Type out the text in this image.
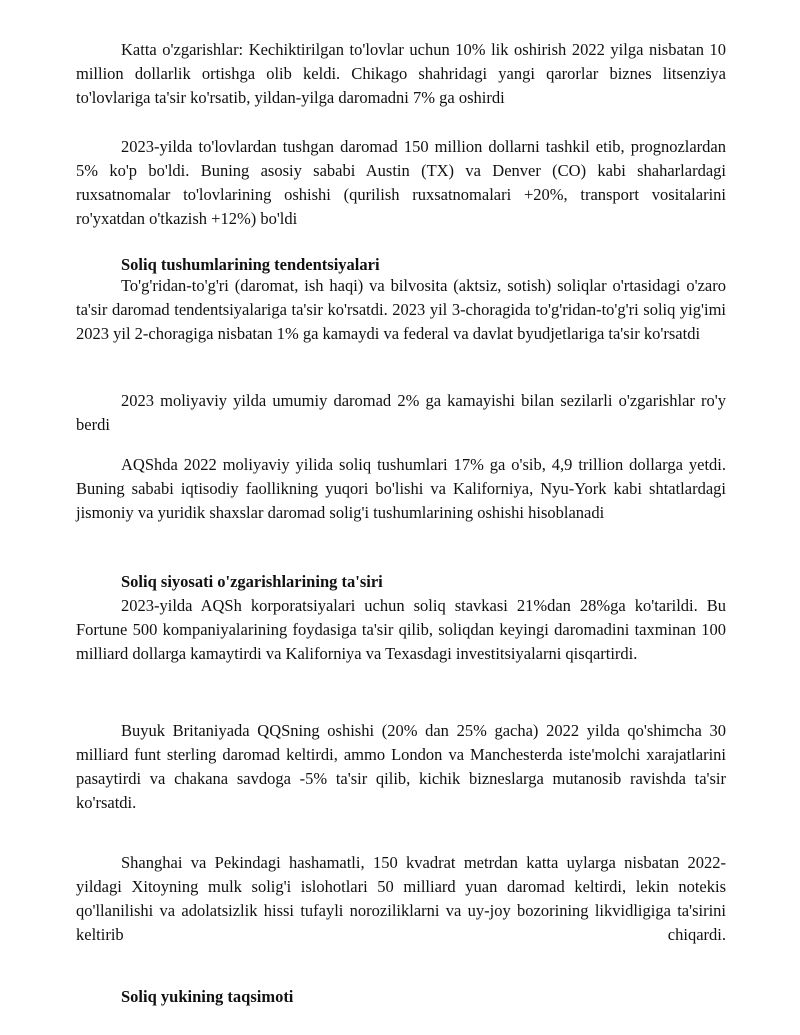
Katta o'zgarishlar: Kechiktirilgan to'lovlar uchun 10% lik oshirish 2022 yilga nisbatan 10 million dollarlik ortishga olib keldi. Chikago shahridagi yangi qarorlar biznes litsenziya to'lovlariga ta'sir ko'rsatib, yildan-yilga daromadni 7% ga oshirdi

2023-yilda to'lovlardan tushgan daromad 150 million dollarni tashkil etib, prognozlardan 5% ko'p bo'ldi. Buning asosiy sababi Austin (TX) va Denver (CO) kabi shaharlardagi ruxsatnomalar to'lovlarining oshishi (qurilish ruxsatnomalari +20%, transport vositalarini ro'yxatdan o'tkazish +12%) bo'ldi

Soliq tushumlarining tendentsiyalari

To'g'ridan-to'g'ri (daromat, ish haqi) va bilvosita (aktsiz, sotish) soliqlar o'rtasidagi o'zaro ta'sir daromad tendentsiyalariga ta'sir ko'rsatdi. 2023 yil 3-choragida to'g'ridan-to'g'ri soliq yig'imi 2023 yil 2-choragiga nisbatan 1% ga kamaydi va federal va davlat byudjetlariga ta'sir ko'rsatdi

2023 moliyaviy yilda umumiy daromad 2% ga kamayishi bilan sezilarli o'zgarishlar ro'y berdi

AQShda 2022 moliyaviy yilida soliq tushumlari 17% ga o'sib, 4,9 trillion dollarga yetdi. Buning sababi iqtisodiy faollikning yuqori bo'lishi va Kaliforniya, Nyu-York kabi shtatlardagi jismoniy va yuridik shaxslar daromad solig'i tushumlarining oshishi hisoblanadi

Soliq siyosati o'zgarishlarining ta'siri

2023-yilda AQSh korporatsiyalari uchun soliq stavkasi 21%dan 28%ga ko'tarildi. Bu Fortune 500 kompaniyalarining foydasiga ta'sir qilib, soliqdan keyingi daromadini taxminan 100 milliard dollarga kamaytirdi va Kaliforniya va Texasdagi investitsiyalarni qisqartirdi.

Buyuk Britaniyada QQSning oshishi (20% dan 25% gacha) 2022 yilda qo'shimcha 30 milliard funt sterling daromad keltirdi, ammo London va Manchesterda iste'molchi xarajatlarini pasaytirdi va chakana savdoga -5% ta'sir qilib, kichik bizneslarga mutanosib ravishda ta'sir ko'rsatdi.

Shanghai va Pekindagi hashamatli, 150 kvadrat metrdan katta uylarga nisbatan 2022-yildagi Xitoyning mulk solig'i islohotlari 50 milliard yuan daromad keltirdi, lekin notekis qo'llanilishi va adolatsizlik hissi tufayli noroziliklarni va uy-joy bozorining likvidligiga ta'sirini keltirib chiqardi.

Soliq yukining taqsimoti
